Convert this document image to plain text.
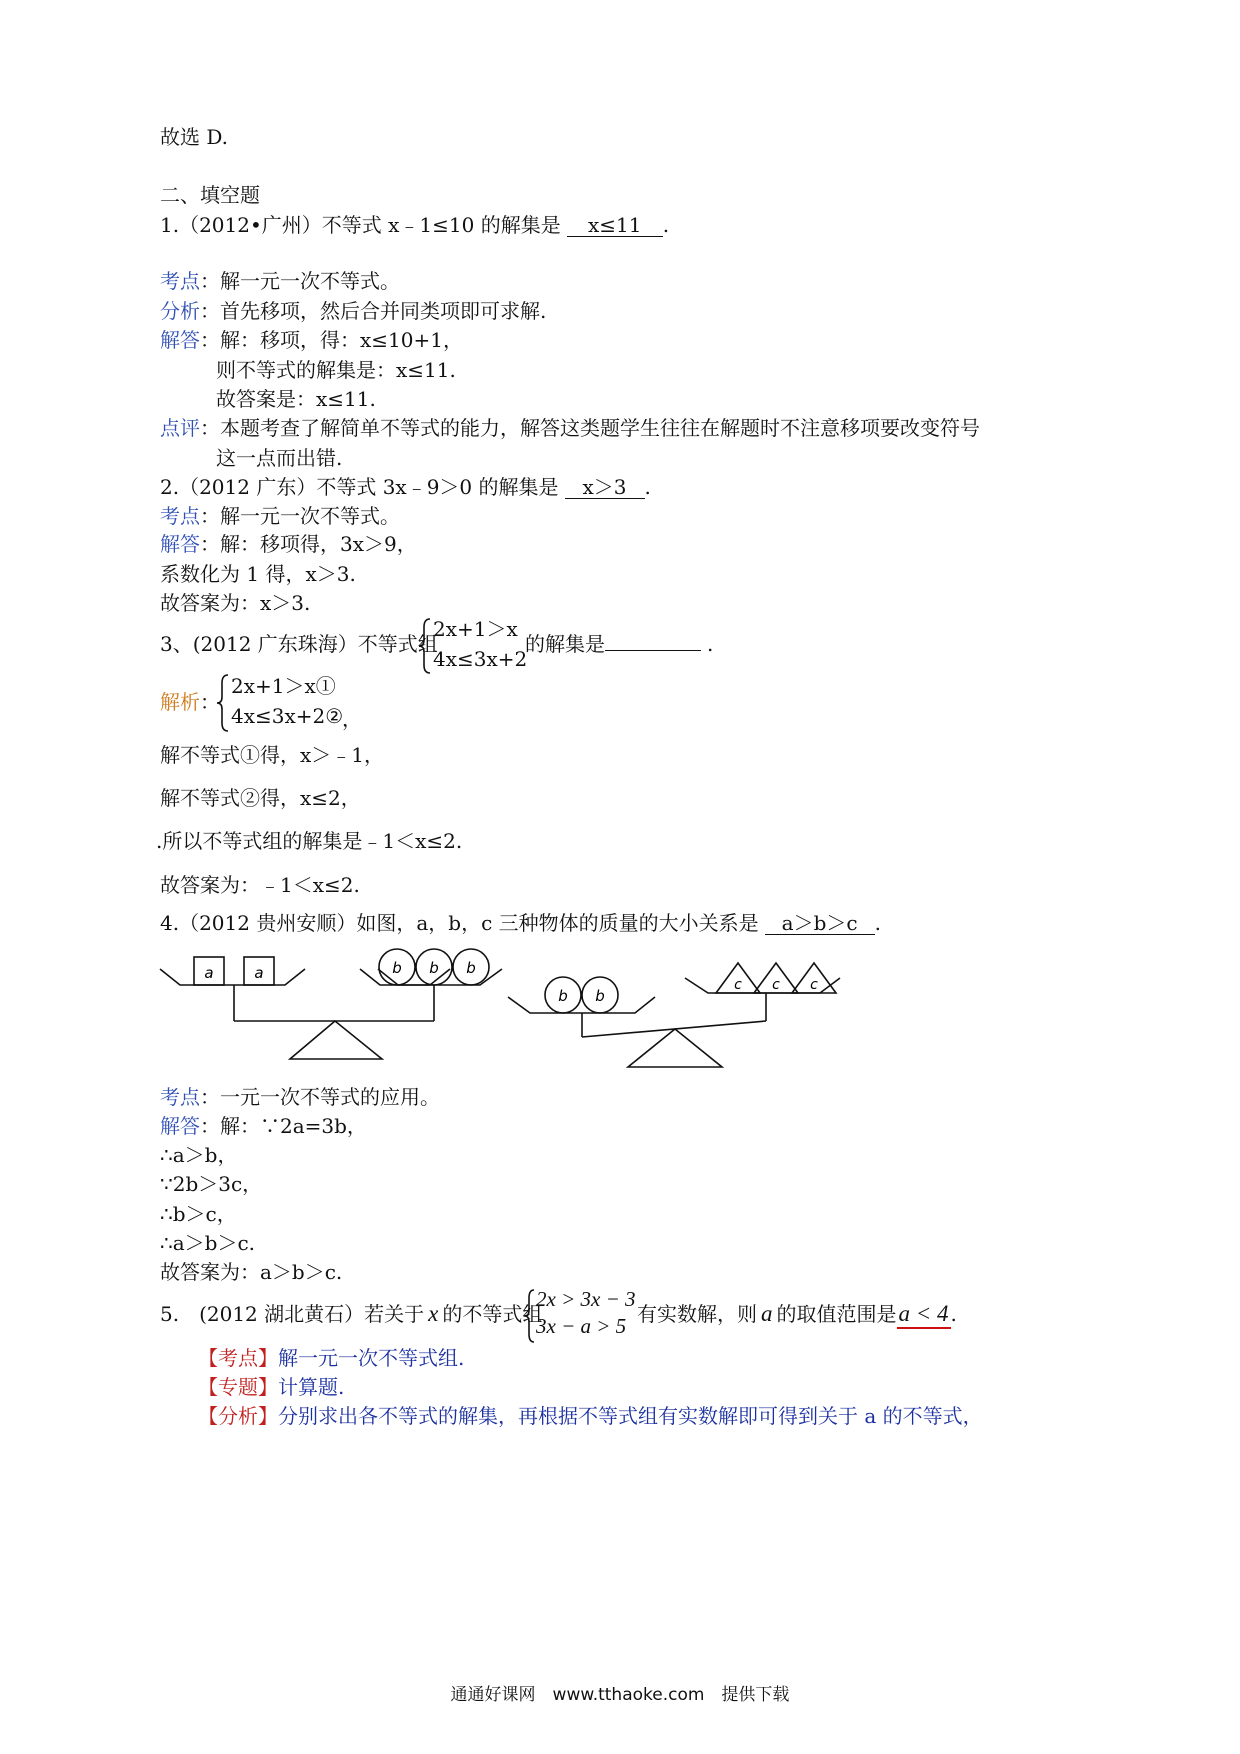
故选 D.
二、填空题
1.（2012•广州）不等式 x﹣1≤10 的解集是 x≤11 .
考点：解一元一次不等式。
分析：首先移项，然后合并同类项即可求解.
解答：解：移项，得：x≤10+1，
则不等式的解集是：x≤11.
故答案是：x≤11.
点评：本题考查了解简单不等式的能力，解答这类题学生往往在解题时不注意移项要改变符号
这一点而出错.
2.（2012 广东）不等式 3x﹣9＞0 的解集是 x＞3 .
考点：解一元一次不等式。
解答：解：移项得，3x＞9，
系数化为 1 得，x＞3.
故答案为：x＞3.
3、(2012 广东珠海）不等式组
2x+1＞x
4x≤3x+2
的解集是	.
解析：
2x+1＞x①
4x≤3x+2②
，
解不等式①得，x＞﹣1，
解不等式②得，x≤2，
.所以不等式组的解集是﹣1＜x≤2.
故答案为：﹣1＜x≤2.
4.（2012 贵州安顺）如图，a，b，c 三种物体的质量的大小关系是 a＞b＞c .
a	a	b b b
b b
c c c
考点：一元一次不等式的应用。
解答：解：∵2a=3b，
∴a＞b，
∵2b＞3c，
∴b＞c，
∴a＞b＞c.
故答案为：a＞b＞c.
5.　(2012 湖北黄石）若关于 x 的不等式组
2x > 3x − 3
3x − a > 5 有实数解，则 a 的取值范围是a < 4 .
【考点】解一元一次不等式组.
【专题】计算题.
【分析】分别求出各不等式的解集，再根据不等式组有实数解即可得到关于 a 的不等式，
通通好课网　www.tthaoke.com　提供下载
